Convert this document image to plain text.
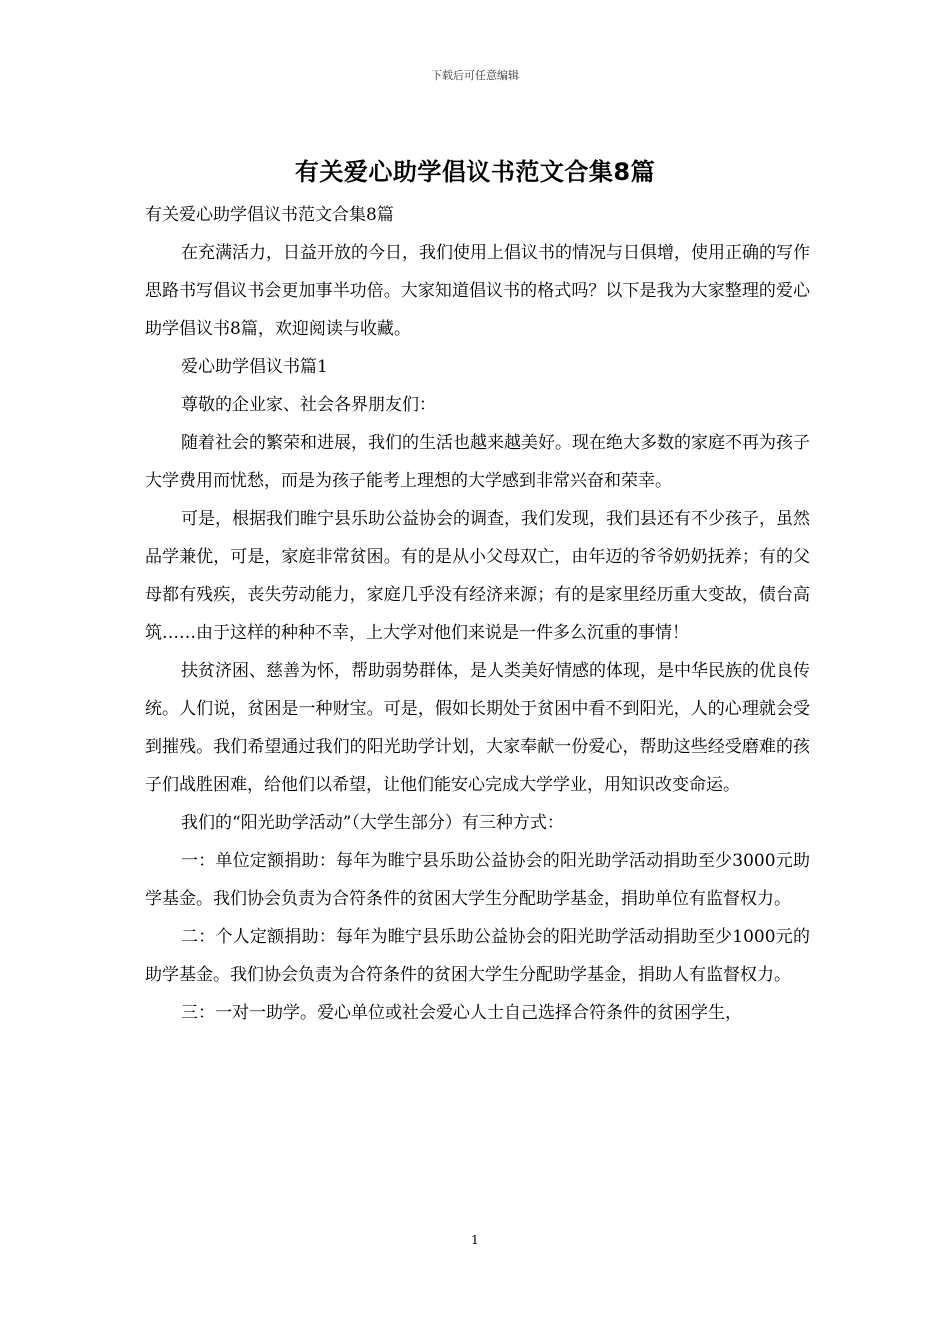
下载后可任意编辑
有关爱心助学倡议书范文合集8篇

有关爱心助学倡议书范文合集8篇

在充满活力，日益开放的今日，我们使用上倡议书的情况与日俱增，使用正确的写作思路书写倡议书会更加事半功倍。大家知道倡议书的格式吗？以下是我为大家整理的爱心助学倡议书8篇，欢迎阅读与收藏。

爱心助学倡议书篇1

尊敬的企业家、社会各界朋友们：

随着社会的繁荣和进展，我们的生活也越来越美好。现在绝大多数的家庭不再为孩子大学费用而忧愁，而是为孩子能考上理想的大学感到非常兴奋和荣幸。

可是，根据我们睢宁县乐助公益协会的调查，我们发现，我们县还有不少孩子，虽然品学兼优，可是，家庭非常贫困。有的是从小父母双亡，由年迈的爷爷奶奶抚养；有的父母都有残疾，丧失劳动能力，家庭几乎没有经济来源；有的是家里经历重大变故，债台高筑……由于这样的种种不幸，上大学对他们来说是一件多么沉重的事情！

扶贫济困、慈善为怀，帮助弱势群体，是人类美好情感的体现，是中华民族的优良传统。人们说，贫困是一种财宝。可是，假如长期处于贫困中看不到阳光，人的心理就会受到摧残。我们希望通过我们的阳光助学计划，大家奉献一份爱心，帮助这些经受磨难的孩子们战胜困难，给他们以希望，让他们能安心完成大学学业，用知识改变命运。

我们的“阳光助学活动”（大学生部分）有三种方式：

一：单位定额捐助：每年为睢宁县乐助公益协会的阳光助学活动捐助至少3000元助学基金。我们协会负责为合符条件的贫困大学生分配助学基金，捐助单位有监督权力。

二：个人定额捐助：每年为睢宁县乐助公益协会的阳光助学活动捐助至少1000元的助学基金。我们协会负责为合符条件的贫困大学生分配助学基金，捐助人有监督权力。

三：一对一助学。爱心单位或社会爱心人士自己选择合符条件的贫困学生，

1
